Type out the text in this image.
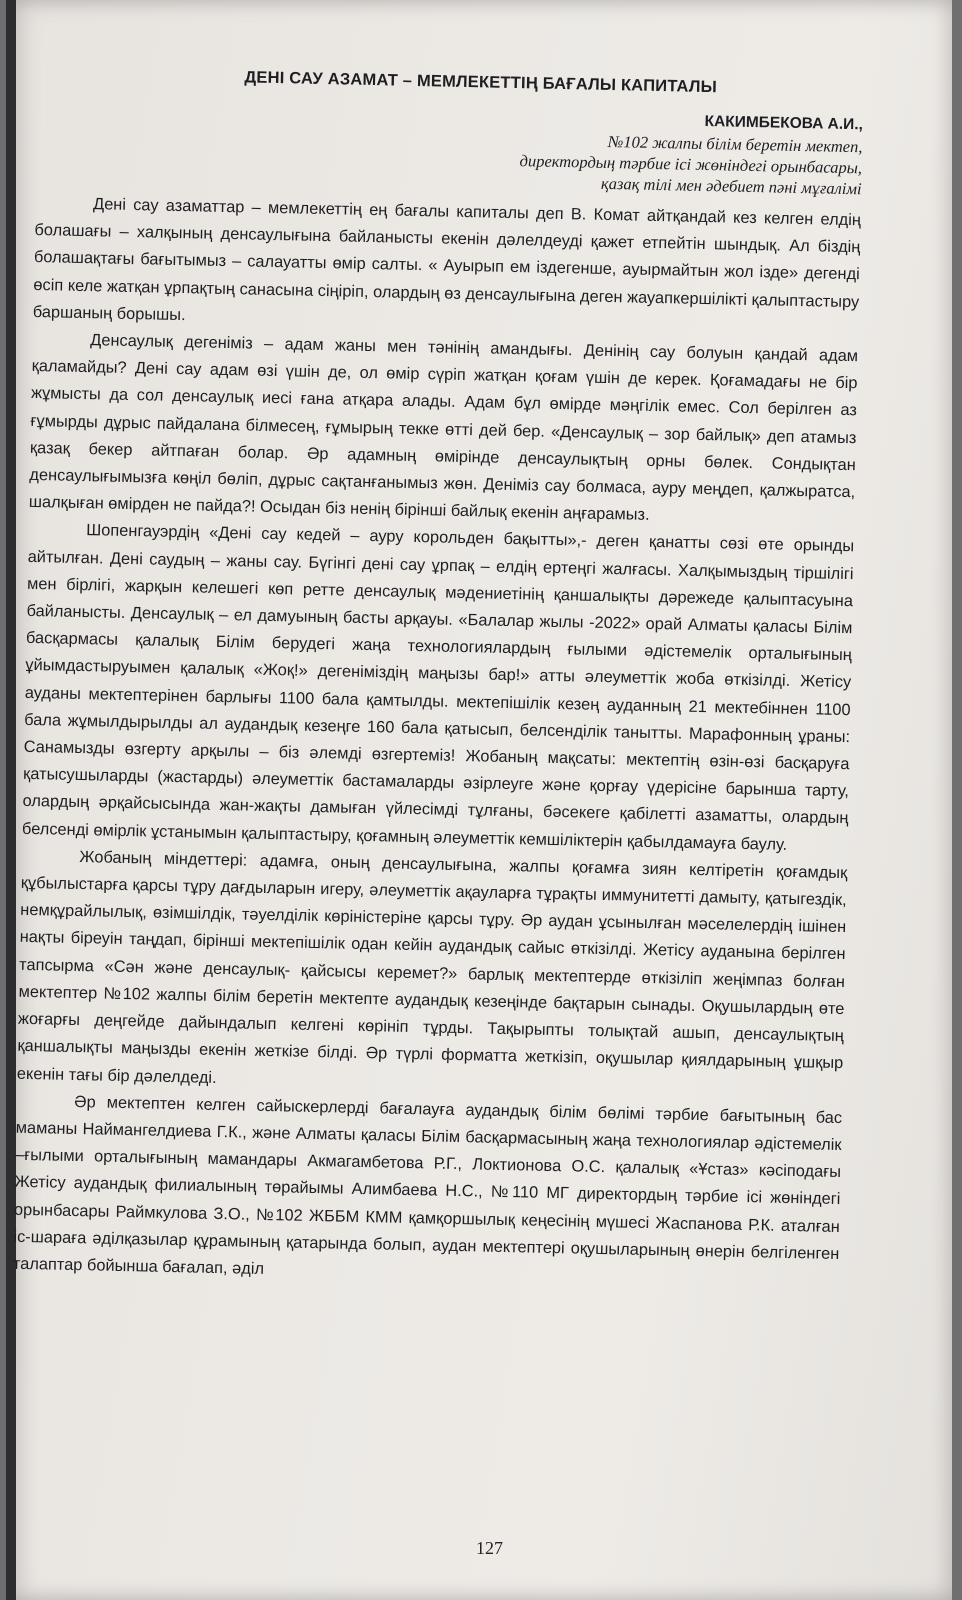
ДЕНІ САУ АЗАМАТ – МЕМЛЕКЕТТІҢ БАҒАЛЫ КАПИТАЛЫ
КАКИМБЕКОВА А.И.,
№102 жалпы білім беретін мектеп,
директордың тәрбие ісі жөніндегі орынбасары,
қазақ тілі мен әдебиет пәні мұғалімі

Дені сау азаматтар – мемлекеттің ең бағалы капиталы деп В. Комат айтқандай кез келген елдің болашағы – халқының денсаулығына байланысты екенін дәлелдеуді қажет етпейтін шындық. Ал біздің болашақтағы бағытымыз – салауатты өмір салты. « Ауырып ем іздегенше, ауырмайтын жол ізде» дегенді өсіп келе жатқан ұрпақтың санасына сіңіріп, олардың өз денсаулығына деген жауапкершілікті қалыптастыру баршаның борышы.

Денсаулық дегеніміз – адам жаны мен тәнінің амандығы. Денінің сау болуын қандай адам қаламайды? Дені сау адам өзі үшін де, ол өмір сүріп жатқан қоғам үшін де керек. Қоғамадағы не бір жұмысты да сол денсаулық иесі ғана атқара алады. Адам бұл өмірде мәңгілік емес. Сол берілген аз ғұмырды дұрыс пайдалана білмесең, ғұмырың текке өтті дей бер. «Денсаулық – зор байлық» деп атамыз қазақ бекер айтпаған болар. Әр адамның өмірінде денсаулықтың орны бөлек. Сондықтан денсаулығымызға көңіл бөліп, дұрыс сақтанғанымыз жөн. Деніміз сау болмаса, ауру меңдеп, қалжыратса, шалқыған өмірден не пайда?! Осыдан біз ненің бірінші байлық екенін аңғарамыз.

Шопенгауэрдің «Дені сау кедей – ауру корольден бақытты»,- деген қанатты сөзі өте орынды айтылған. Дені саудың – жаны сау. Бүгінгі дені сау ұрпақ – елдің ертеңгі жалғасы. Халқымыздың тіршілігі мен бірлігі, жарқын келешегі көп ретте денсаулық мәдениетінің қаншалықты дәрежеде қалыптасуына байланысты. Денсаулық – ел дамуының басты арқауы. «Балалар жылы -2022» орай Алматы қаласы Білім басқармасы қалалық Білім берудегі жаңа технологиялардың ғылыми әдістемелік орталығының ұйымдастыруымен қалалық «Жоқ!» дегеніміздің маңызы бар!» атты әлеуметтік жоба өткізілді. Жетісу ауданы мектептерінен барлығы 1100 бала қамтылды. мектепішілік кезең ауданның 21 мектебіннен 1100 бала жұмылдырылды ал аудандық кезеңге 160 бала қатысып, белсенділік танытты. Марафонның ұраны: Санамызды өзгерту арқылы – біз әлемді өзгертеміз! Жобаның мақсаты: мектептің өзін-өзі басқаруға қатысушыларды (жастарды) әлеуметтік бастамаларды әзірлеуге және қорғау үдерісіне барынша тарту, олардың әрқайсысында жан-жақты дамыған үйлесімді тұлғаны, бәсекеге қабілетті азаматты, олардың белсенді өмірлік ұстанымын қалыптастыру, қоғамның әлеуметтік кемшіліктерін қабылдамауға баулу.

Жобаның міндеттері: адамға, оның денсаулығына, жалпы қоғамға зиян келтіретін қоғамдық құбылыстарға қарсы тұру дағдыларын игеру, әлеуметтік ақауларға тұрақты иммунитетті дамыту, қатыгездік, немқұрайлылық, өзімшілдік, тәуелділік көріністеріне қарсы тұру. Әр аудан ұсынылған мәселелердің ішінен нақты біреуін таңдап, бірінші мектепішілік одан кейін аудандық сайыс өткізілді. Жетісу ауданына берілген тапсырма «Сән және денсаулық- қайсысы керемет?» барлық мектептерде өткізіліп жеңімпаз болған мектептер №102 жалпы білім беретін мектепте аудандық кезеңінде бақтарын сынады. Оқушылардың өте жоғарғы деңгейде дайындалып келгені көрініп тұрды. Тақырыпты толықтай ашып, денсаулықтың қаншалықты маңызды екенін жеткізе білді. Әр түрлі форматта жеткізіп, оқушылар қиялдарының ұшқыр екенін тағы бір дәлелдеді.

Әр мектептен келген сайыскерлерді бағалауға аудандық білім бөлімі тәрбие бағытының бас маманы Наймангелдиева Г.К., және Алматы қаласы Білім басқармасының жаңа технологиялар әдістемелік –ғылыми орталығының мамандары Акмагамбетова Р.Г., Локтионова О.С. қалалық «Ұстаз» кәсіподағы Жетісу аудандық филиалының төрайымы Алимбаева Н.С., №110 МГ директордың тәрбие ісі жөніндегі орынбасары Раймкулова З.О., №102 ЖББМ КММ қамқоршылық кеңесінің мүшесі Жаспанова Р.К. аталған іс-шараға әділқазылар құрамының қатарында болып, аудан мектептері оқушыларының өнерін белгіленген талаптар бойынша бағалап, әділ

127
